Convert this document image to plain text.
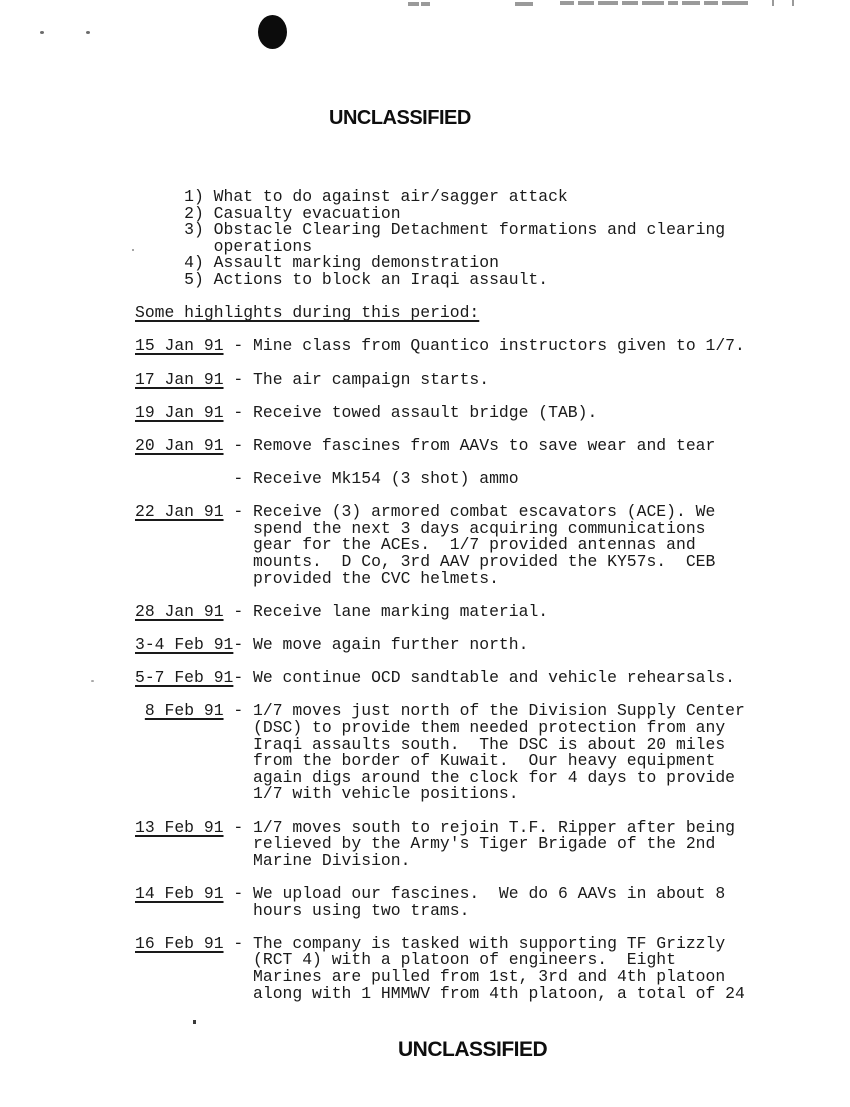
UNCLASSIFIED
UNCLASSIFIED
1) What to do against air/sagger attack
2) Casualty evacuation
3) Obstacle Clearing Detachment formations and clearing
operations
4) Assault marking demonstration
5) Actions to block an Iraqi assault.
Some highlights during this period:
15 Jan 91 - Mine class from Quantico instructors given to 1/7.
17 Jan 91 - The air campaign starts.
19 Jan 91 - Receive towed assault bridge (TAB).
20 Jan 91 - Remove fascines from AAVs to save wear and tear
- Receive Mk154 (3 shot) ammo
22 Jan 91 - Receive (3) armored combat escavators (ACE). We
spend the next 3 days acquiring communications
gear for the ACEs.  1/7 provided antennas and
mounts.  D Co, 3rd AAV provided the KY57s.  CEB
provided the CVC helmets.
28 Jan 91 - Receive lane marking material.
3-4 Feb 91- We move again further north.
5-7 Feb 91- We continue OCD sandtable and vehicle rehearsals.
8 Feb 91 - 1/7 moves just north of the Division Supply Center
(DSC) to provide them needed protection from any
Iraqi assaults south.  The DSC is about 20 miles
from the border of Kuwait.  Our heavy equipment
again digs around the clock for 4 days to provide
1/7 with vehicle positions.
13 Feb 91 - 1/7 moves south to rejoin T.F. Ripper after being
relieved by the Army's Tiger Brigade of the 2nd
Marine Division.
14 Feb 91 - We upload our fascines.  We do 6 AAVs in about 8
hours using two trams.
16 Feb 91 - The company is tasked with supporting TF Grizzly
(RCT 4) with a platoon of engineers.  Eight
Marines are pulled from 1st, 3rd and 4th platoon
along with 1 HMMWV from 4th platoon, a total of 24
